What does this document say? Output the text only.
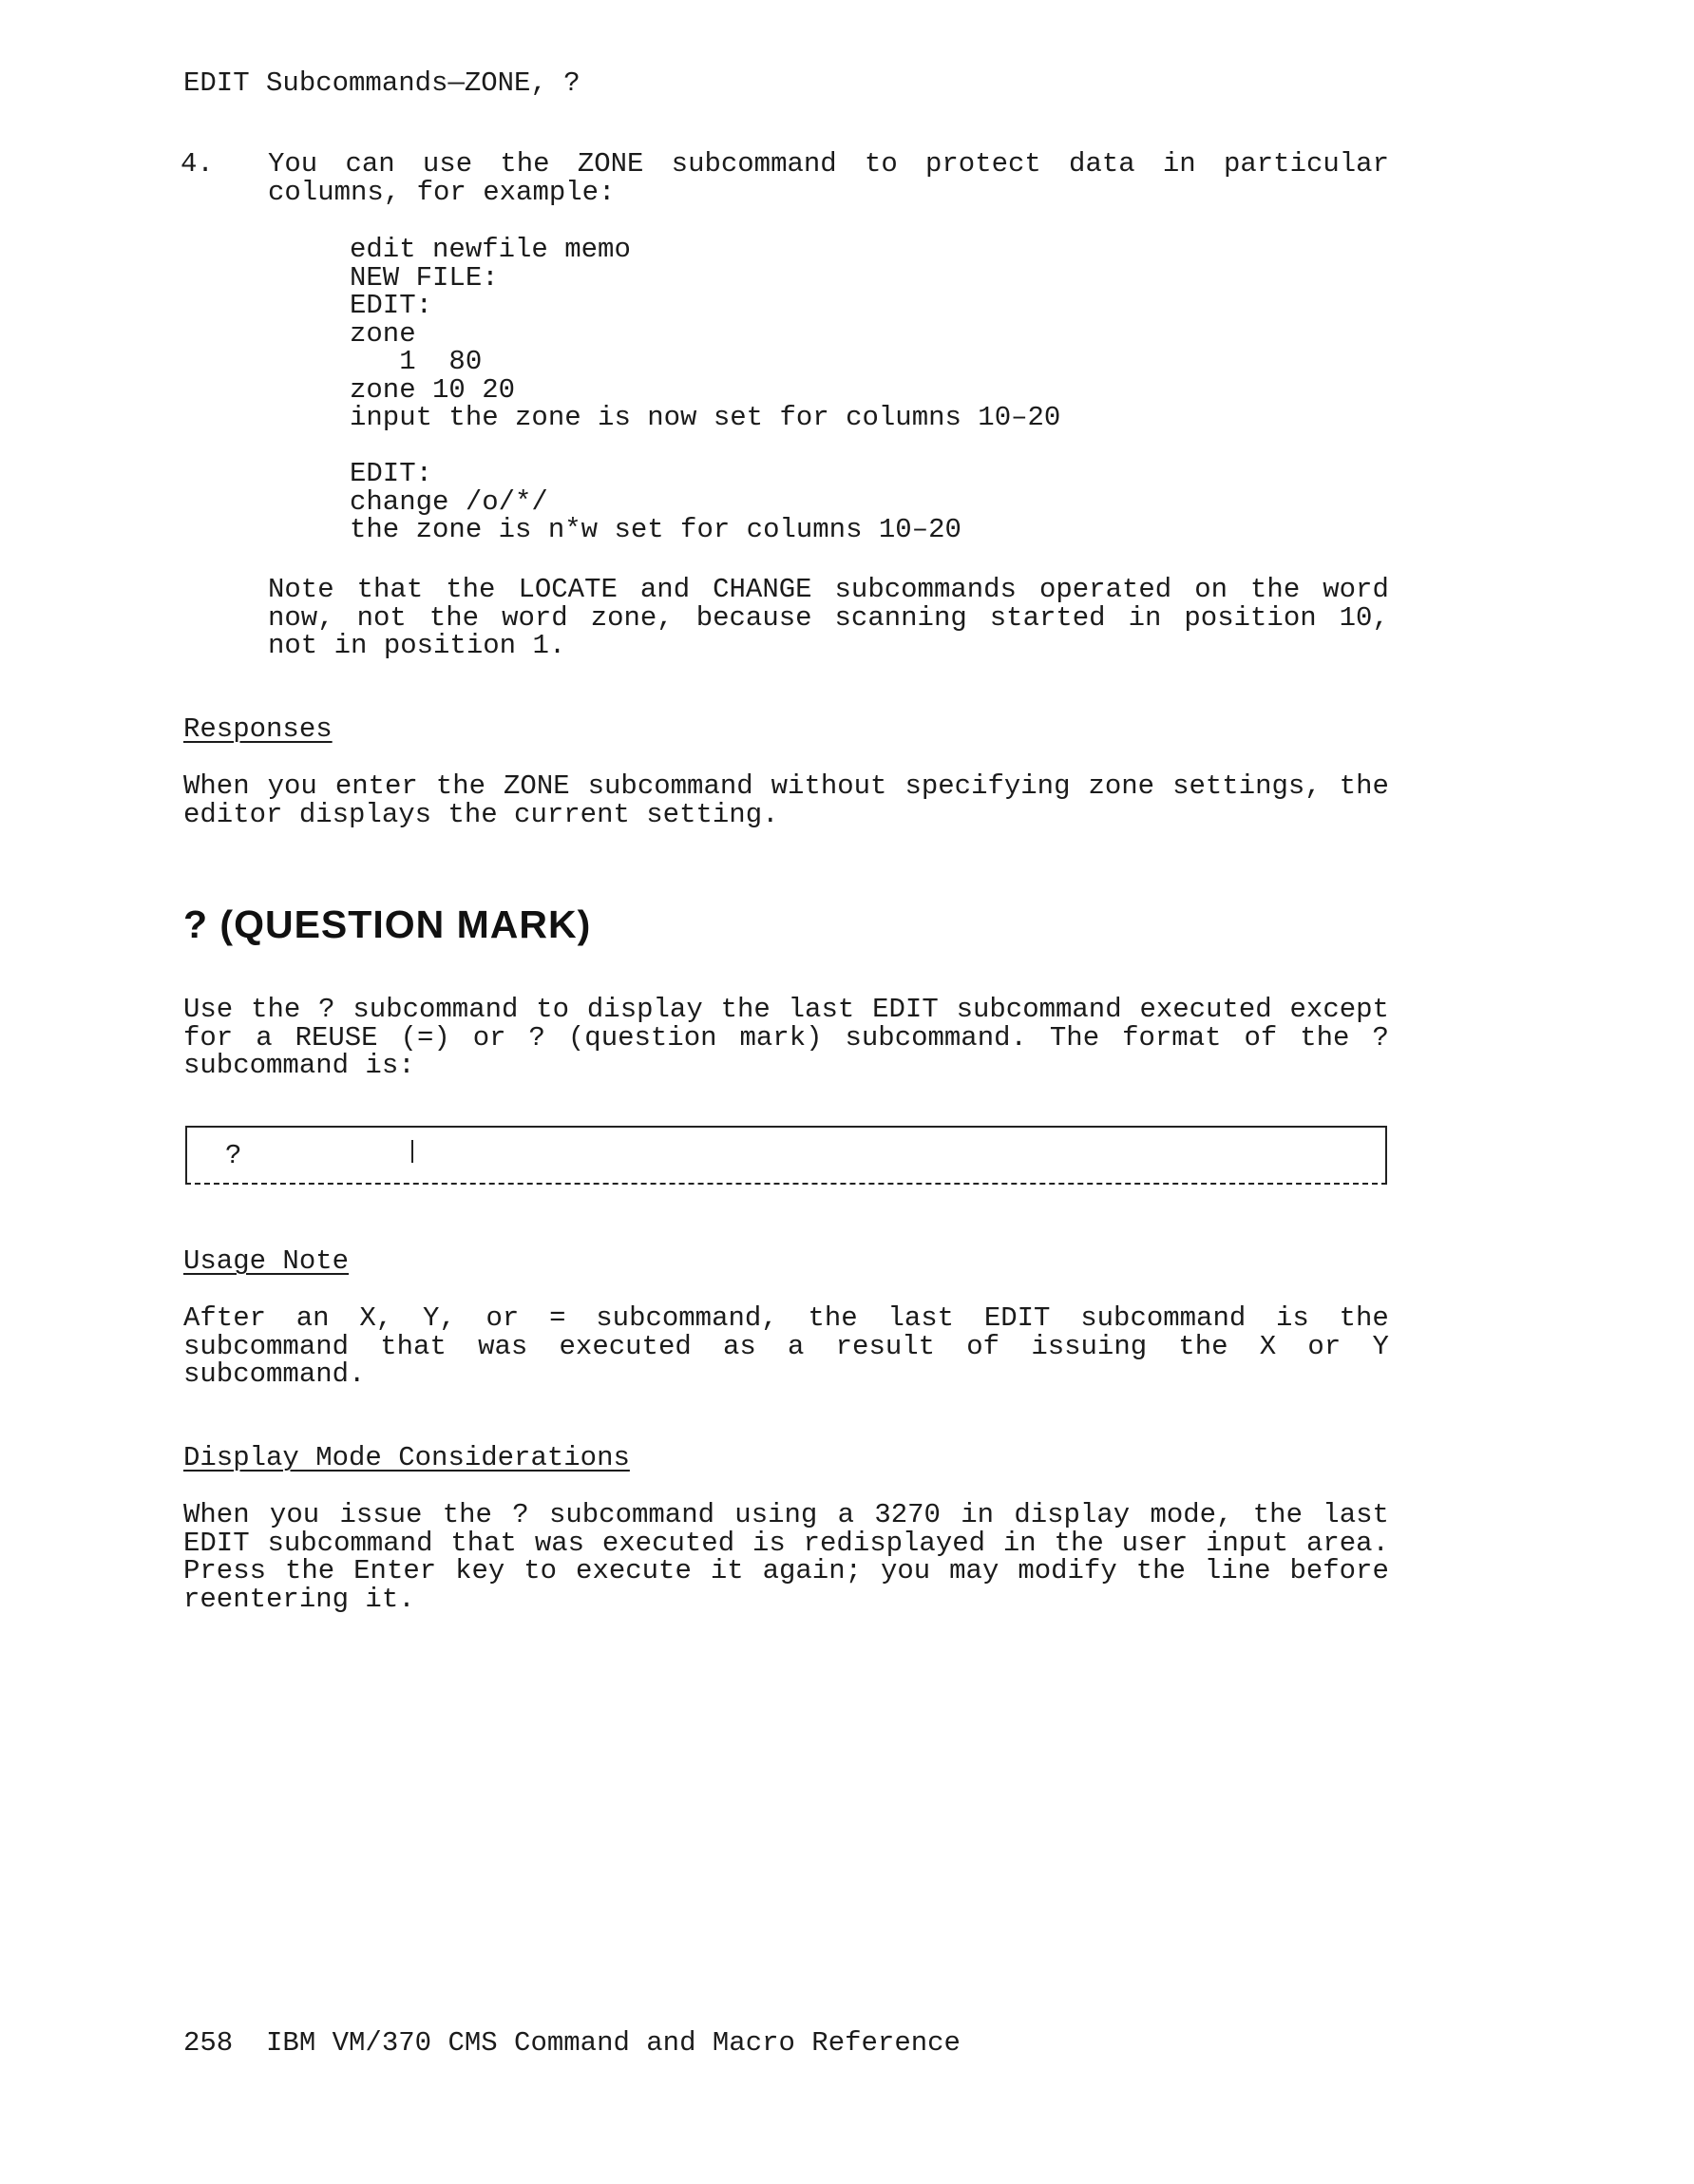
EDIT Subcommands—ZONE, ?
4. You can use the ZONE subcommand to protect data in particular
columns, for example:
edit newfile memo
NEW FILE:
EDIT:
zone
1  80
zone 10 20
input the zone is now set for columns 10–20
EDIT:
change /o/*/
the zone is n*w set for columns 10–20
Note that the LOCATE and CHANGE subcommands operated on the word
now, not the word zone, because scanning started in position 10,
not in position 1.
Responses
When you enter the ZONE subcommand without specifying zone settings, the
editor displays the current setting.
? (QUESTION MARK)
Use the ? subcommand to display the last EDIT subcommand executed except
for a REUSE (=) or ? (question mark) subcommand. The format of the ?
subcommand is:
?
Usage Note
After an X, Y, or = subcommand, the last EDIT subcommand is the
subcommand that was executed as a result of issuing the X or Y
subcommand.
Display Mode Considerations
When you issue the ? subcommand using a 3270 in display mode, the last
EDIT subcommand that was executed is redisplayed in the user input area.
Press the Enter key to execute it again; you may modify the line before
reentering it.
258  IBM VM/370 CMS Command and Macro Reference
